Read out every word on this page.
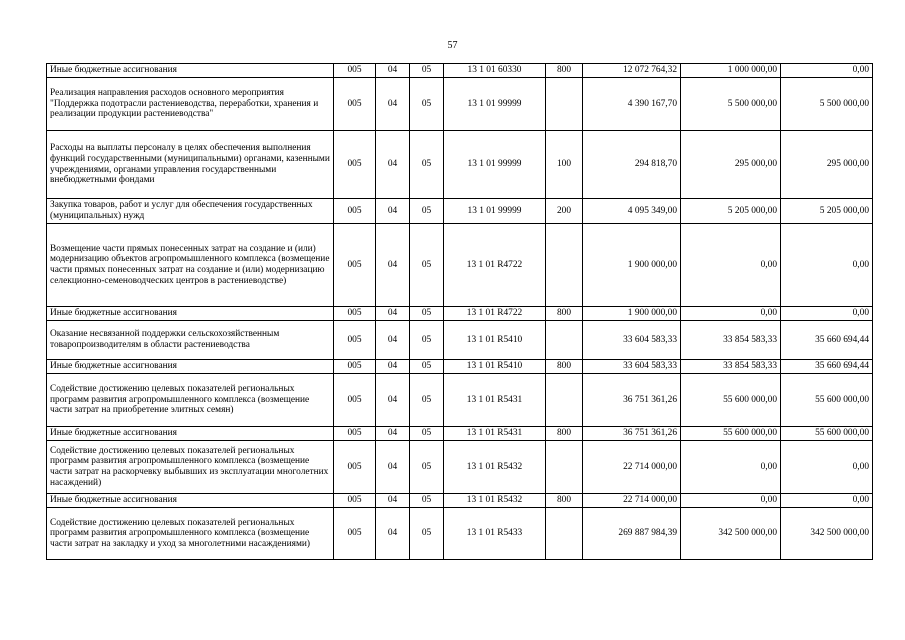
57
Иные бюджетные ассигнования	005	04	05	13 1 01 60330	800	12 072 764,32	1 000 000,00	0,00
Реализация направления расходов основного мероприятия "Поддержка подотрасли растениеводства, переработки, хранения и реализации продукции растениеводства"	005	04	05	13 1 01 99999		4 390 167,70	5 500 000,00	5 500 000,00
Расходы на выплаты персоналу в целях обеспечения выполнения функций государственными (муниципальными) органами, казенными учреждениями, органами управления государственными внебюджетными фондами	005	04	05	13 1 01 99999	100	294 818,70	295 000,00	295 000,00
Закупка товаров, работ и услуг для обеспечения государственных (муниципальных) нужд	005	04	05	13 1 01 99999	200	4 095 349,00	5 205 000,00	5 205 000,00
Возмещение части прямых понесенных затрат на создание и (или) модернизацию объектов агропромышленного комплекса (возмещение части прямых понесенных затрат на создание и (или) модернизацию селекционно-семеноводческих центров в растениеводстве)	005	04	05	13 1 01 R4722		1 900 000,00	0,00	0,00
Иные бюджетные ассигнования	005	04	05	13 1 01 R4722	800	1 900 000,00	0,00	0,00
Оказание несвязанной поддержки сельскохозяйственным товаропроизводителям в области растениеводства	005	04	05	13 1 01 R5410		33 604 583,33	33 854 583,33	35 660 694,44
Иные бюджетные ассигнования	005	04	05	13 1 01 R5410	800	33 604 583,33	33 854 583,33	35 660 694,44
Содействие достижению целевых показателей региональных программ развития агропромышленного комплекса (возмещение части затрат на приобретение элитных семян)	005	04	05	13 1 01 R5431		36 751 361,26	55 600 000,00	55 600 000,00
Иные бюджетные ассигнования	005	04	05	13 1 01 R5431	800	36 751 361,26	55 600 000,00	55 600 000,00
Содействие достижению целевых показателей региональных программ развития агропромышленного комплекса (возмещение части затрат на раскорчевку выбывших из эксплуатации многолетних насаждений)	005	04	05	13 1 01 R5432		22 714 000,00	0,00	0,00
Иные бюджетные ассигнования	005	04	05	13 1 01 R5432	800	22 714 000,00	0,00	0,00
Содействие достижению целевых показателей региональных программ развития агропромышленного комплекса (возмещение части затрат на закладку и уход за многолетними насаждениями)	005	04	05	13 1 01 R5433		269 887 984,39	342 500 000,00	342 500 000,00
